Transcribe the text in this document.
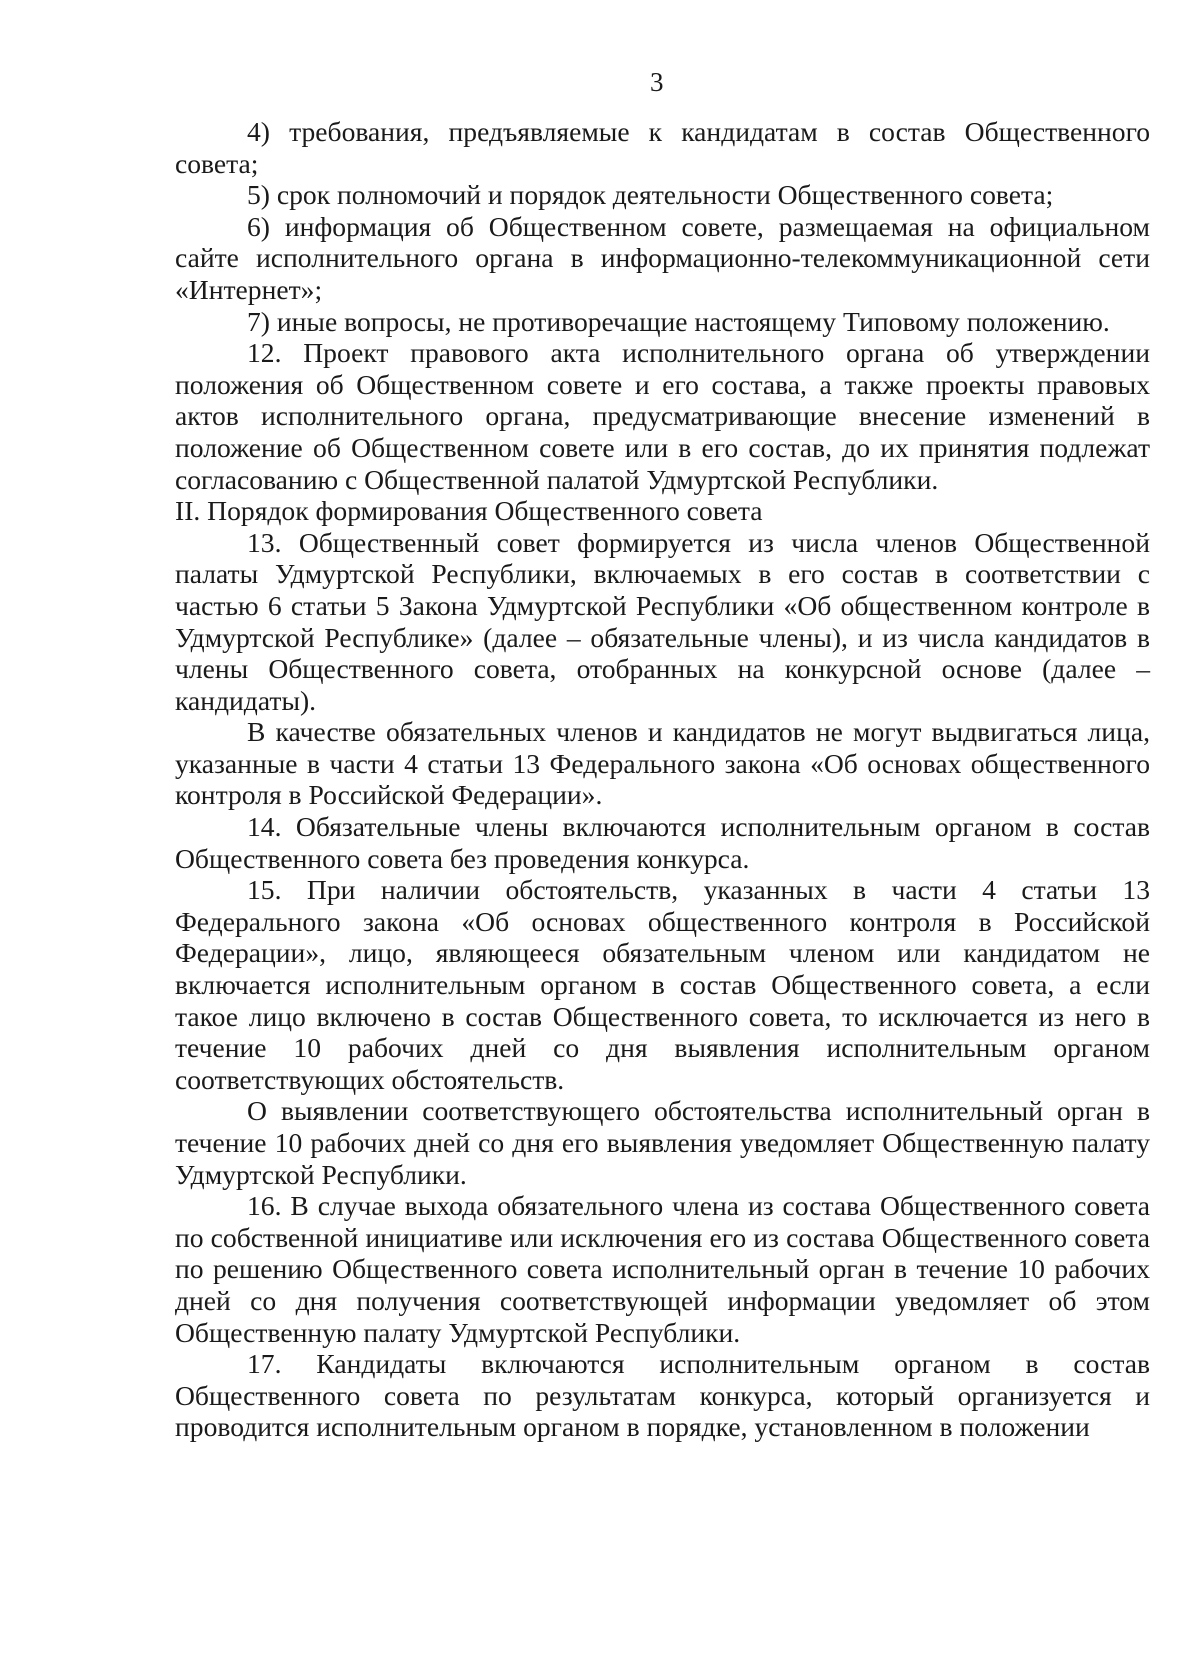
3

4) требования, предъявляемые к кандидатам в состав Общественного совета;

5) срок полномочий и порядок деятельности Общественного совета;

6) информация об Общественном совете, размещаемая на официальном сайте исполнительного органа в информационно-телекоммуникационной сети «Интернет»;

7) иные вопросы, не противоречащие настоящему Типовому положению.

12. Проект правового акта исполнительного органа об утверждении положения об Общественном совете и его состава, а также проекты правовых актов исполнительного органа, предусматривающие внесение изменений в положение об Общественном совете или в его состав, до их принятия подлежат согласованию с Общественной палатой Удмуртской Республики.

II. Порядок формирования Общественного совета

13. Общественный совет формируется из числа членов Общественной палаты Удмуртской Республики, включаемых в его состав в соответствии с частью 6 статьи 5 Закона Удмуртской Республики «Об общественном контроле в Удмуртской Республике» (далее – обязательные члены), и из числа кандидатов в члены Общественного совета, отобранных на конкурсной основе (далее – кандидаты).

В качестве обязательных членов и кандидатов не могут выдвигаться лица, указанные в части 4 статьи 13 Федерального закона «Об основах общественного контроля в Российской Федерации».

14. Обязательные члены включаются исполнительным органом в состав Общественного совета без проведения конкурса.

15. При наличии обстоятельств, указанных в части 4 статьи 13 Федерального закона «Об основах общественного контроля в Российской Федерации», лицо, являющееся обязательным членом или кандидатом не включается исполнительным органом в состав Общественного совета, а если такое лицо включено в состав Общественного совета, то исключается из него в течение 10 рабочих дней со дня выявления исполнительным органом соответствующих обстоятельств.

О выявлении соответствующего обстоятельства исполнительный орган в течение 10 рабочих дней со дня его выявления уведомляет Общественную палату Удмуртской Республики.

16. В случае выхода обязательного члена из состава Общественного совета по собственной инициативе или исключения его из состава Общественного совета по решению Общественного совета исполнительный орган в течение 10 рабочих дней со дня получения соответствующей информации уведомляет об этом Общественную палату Удмуртской Республики.

17. Кандидаты включаются исполнительным органом в состав Общественного совета по результатам конкурса, который организуется и проводится исполнительным органом в порядке, установленном в положении
